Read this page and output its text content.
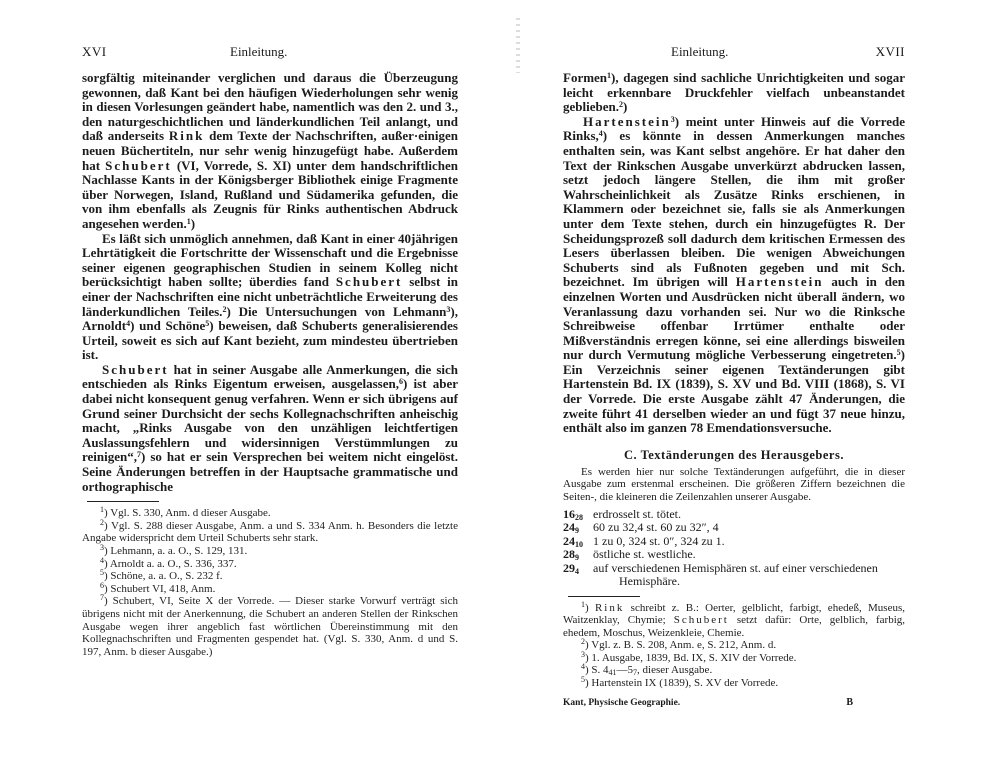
XVI	Einleitung.

sorgfältig miteinander verglichen und daraus die Überzeugung gewonnen, daß Kant bei den häufigen Wiederholungen sehr wenig in diesen Vorlesungen geändert habe, namentlich was den 2. und 3., den naturgeschichtlichen und länderkundlichen Teil anlangt, und daß anderseits Rink dem Texte der Nachschriften, außer·einigen neuen Büchertiteln, nur sehr wenig hinzugefügt habe. Außerdem hat Schubert (VI, Vorrede, S. XI) unter dem handschriftlichen Nachlasse Kants in der Königsberger Bibliothek einige Fragmente über Norwegen, Island, Rußland und Südamerika gefunden, die von ihm ebenfalls als Zeugnis für Rinks authentischen Abdruck angesehen werden.$^1$)

Es läßt sich unmöglich annehmen, daß Kant in einer 40jährigen Lehrtätigkeit die Fortschritte der Wissenschaft und die Ergebnisse seiner eigenen geographischen Studien in seinem Kolleg nicht berücksichtigt haben sollte; überdies fand Schubert selbst in einer der Nachschriften eine nicht unbeträchtliche Erweiterung des länderkundlichen Teiles.$^2$) Die Untersuchungen von Lehmann$^3$), Arnoldt$^4$) und Schöne$^5$) beweisen, daß Schuberts generalisierendes Urteil, soweit es sich auf Kant bezieht, zum mindesteu übertrieben ist.

Schubert hat in seiner Ausgabe alle Anmerkungen, die sich entschieden als Rinks Eigentum erweisen, ausgelassen,$^6$) ist aber dabei nicht konsequent genug verfahren. Wenn er sich übrigens auf Grund seiner Durchsicht der sechs Kollegnachschriften anheischig macht, „Rinks Ausgabe von den unzähligen leichtfertigen Auslassungsfehlern und widersinnigen Verstümmlungen zu reinigen“,$^7$) so hat er sein Versprechen bei weitem nicht eingelöst. Seine Änderungen betreffen in der Hauptsache grammatische und orthographische

$^1$) Vgl. S. 330, Anm. d dieser Ausgabe.

$^2$) Vgl. S. 288 dieser Ausgabe, Anm. a und S. 334 Anm. h. Besonders die letzte Angabe widerspricht dem Urteil Schuberts sehr stark.

$^3$) Lehmann, a. a. O., S. 129, 131.

$^4$) Arnoldt a. a. O., S. 336, 337.

$^5$) Schöne, a. a. O., S. 232 f.

$^6$) Schubert VI, 418, Anm.

$^7$) Schubert, VI, Seite X der Vorrede. — Dieser starke Vorwurf verträgt sich übrigens nicht mit der Anerkennung, die Schubert an anderen Stellen der Rinkschen Ausgabe wegen ihrer angeblich fast wörtlichen Übereinstimmung mit den Kollegnachschriften und Fragmenten gespendet hat. (Vgl. S. 330, Anm. d und S. 197, Anm. b dieser Ausgabe.)

Einleitung.	XVII

Formen$^1$), dagegen sind sachliche Unrichtigkeiten und sogar leicht erkennbare Druckfehler vielfach unbeanstandet geblieben.$^2$)

Hartenstein$^3$) meint unter Hinweis auf die Vorrede Rinks,$^4$) es könnte in dessen Anmerkungen manches enthalten sein, was Kant selbst angehöre. Er hat daher den Text der Rinkschen Ausgabe unverkürzt abdrucken lassen, setzt jedoch längere Stellen, die ihm mit großer Wahrscheinlichkeit als Zusätze Rinks erschienen, in Klammern oder bezeichnet sie, falls sie als Anmerkungen unter dem Texte stehen, durch ein hinzugefügtes R. Der Scheidungsprozeß soll dadurch dem kritischen Ermessen des Lesers überlassen bleiben. Die wenigen Abweichungen Schuberts sind als Fußnoten gegeben und mit Sch. bezeichnet. Im übrigen will Hartenstein auch in den einzelnen Worten und Ausdrücken nicht überall ändern, wo Veranlassung dazu vorhanden sei. Nur wo die Rinksche Schreibweise offenbar Irrtümer enthalte oder Mißverständnis erregen könne, sei eine allerdings bisweilen nur durch Vermutung mögliche Verbesserung eingetreten.$^5$) Ein Verzeichnis seiner eigenen Textänderungen gibt Hartenstein Bd. IX (1839), S. XV und Bd. VIII (1868), S. VI der Vorrede. Die erste Ausgabe zählt 47 Änderungen, die zweite führt 41 derselben wieder an und fügt 37 neue hinzu, enthält also im ganzen 78 Emendationsversuche.

C. Textänderungen des Herausgebers.

Es werden hier nur solche Textänderungen aufgeführt, die in dieser Ausgabe zum erstenmal erscheinen. Die größeren Ziffern bezeichnen die Seiten-, die kleineren die Zeilenzahlen unserer Ausgabe.

$16_{28}$ erdrosselt st. tötet.
$24_9$	60 zu 32,4 st. 60 zu 32″, 4
$24_{10}$ 1 zu 0, 324 st. 0″, 324 zu 1.
$28_9$	östliche st. westliche.
$29_4$	auf verschiedenen Hemisphären st. auf einer verschiedenen
Hemisphäre.

$^1$) Rink schreibt z. B.: Oerter, gelblicht, farbigt, ehedeß, Museus, Waitzenklay, Chymie; Schubert setzt dafür: Orte, gelblich, farbig, ehedem, Moschus, Weizenkleie, Chemie.

$^2$) Vgl. z. B. S. 208, Anm. e, S. 212, Anm. d.

$^3$) 1. Ausgabe, 1839, Bd. IX, S. XIV der Vorrede.

$^4$) S. $4_{41}—5_7$, dieser Ausgabe.

$^5$) Hartenstein IX (1839), S. XV der Vorrede.

Kant, Physische Geographie.	B
